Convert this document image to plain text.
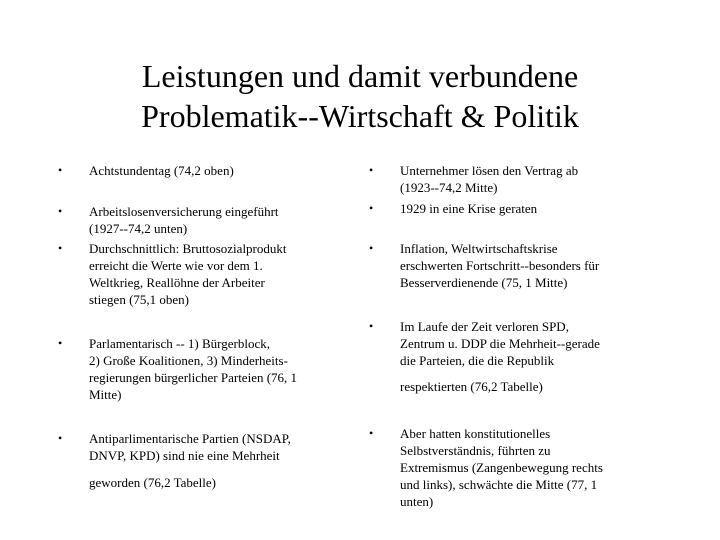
Leistungen und damit verbundene
Problematik--Wirtschaft & Politik
• Achtstundentag (74,2 oben)
• Arbeitslosenversicherung eingeführt
(1927--74,2 unten)
• Durchschnittlich: Bruttosozialprodukt
erreicht die Werte wie vor dem 1.
Weltkrieg, Reallöhne der Arbeiter
stiegen (75,1 oben)
• Parlamentarisch -- 1) Bürgerblock,
2) Große Koalitionen, 3) Minderheits-
regierungen bürgerlicher Parteien (76, 1
Mitte)
• Antiparlimentarische Partien (NSDAP,
DNVP, KPD) sind nie eine Mehrheit
geworden (76,2 Tabelle)
• Unternehmer lösen den Vertrag ab
(1923--74,2 Mitte)
• 1929 in eine Krise geraten
• Inflation, Weltwirtschaftskrise
erschwerten Fortschritt--besonders für
Besserverdienende (75, 1 Mitte)
• Im Laufe der Zeit verloren SPD,
Zentrum u. DDP die Mehrheit--gerade
die Parteien, die die Republik
respektierten (76,2 Tabelle)
• Aber hatten konstitutionelles
Selbstverständnis, führten zu
Extremismus (Zangenbewegung rechts
und links), schwächte die Mitte (77, 1
unten)
